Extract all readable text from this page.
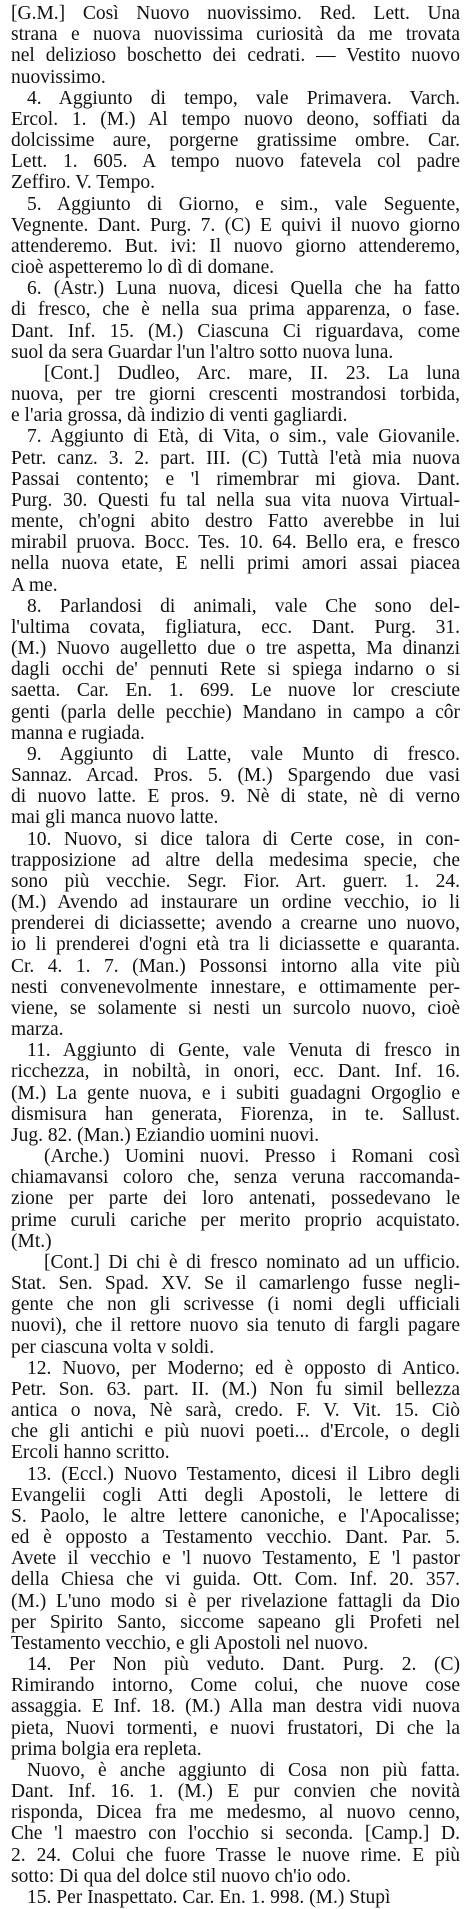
[G.M.] Così Nuovo nuovissimo. Red. Lett. Una
strana e nuova nuovissima curiosità da me trovata
nel delizioso boschetto dei cedrati. — Vestito nuovo
nuovissimo.
4. Aggiunto di tempo, vale Primavera. Varch.
Ercol. 1. (M.) Al tempo nuovo deono, soffiati da
dolcissime aure, porgerne gratissime ombre. Car.
Lett. 1. 605. A tempo nuovo fatevela col padre
Zeffiro. V. Tempo.
5. Aggiunto di Giorno, e sim., vale Seguente,
Vegnente. Dant. Purg. 7. (C) E quivi il nuovo giorno
attenderemo. But. ivi: Il nuovo giorno attenderemo,
cioè aspetteremo lo dì di domane.
6. (Astr.) Luna nuova, dicesi Quella che ha fatto
di fresco, che è nella sua prima apparenza, o fase.
Dant. Inf. 15. (M.) Ciascuna Ci riguardava, come
suol da sera Guardar l'un l'altro sotto nuova luna.
[Cont.] Dudleo, Arc. mare, II. 23. La luna
nuova, per tre giorni crescenti mostrandosi torbida,
e l'aria grossa, dà indizio di venti gagliardi.
7. Aggiunto di Età, di Vita, o sim., vale Giovanile.
Petr. canz. 3. 2. part. III. (C) Tuttà l'età mia nuova
Passai contento; e 'l rimembrar mi giova. Dant.
Purg. 30. Questi fu tal nella sua vita nuova Virtual-
mente, ch'ogni abito destro Fatto averebbe in lui
mirabil pruova. Bocc. Tes. 10. 64. Bello era, e fresco
nella nuova etate, E nelli primi amori assai piacea
A me.
8. Parlandosi di animali, vale Che sono del-
l'ultima covata, figliatura, ecc. Dant. Purg. 31.
(M.) Nuovo augelletto due o tre aspetta, Ma dinanzi
dagli occhi de' pennuti Rete si spiega indarno o si
saetta. Car. En. 1. 699. Le nuove lor cresciute
genti (parla delle pecchie) Mandano in campo a côr
manna e rugiada.
9. Aggiunto di Latte, vale Munto di fresco.
Sannaz. Arcad. Pros. 5. (M.) Spargendo due vasi
di nuovo latte. E pros. 9. Nè di state, nè di verno
mai gli manca nuovo latte.
10. Nuovo, si dice talora di Certe cose, in con-
trapposizione ad altre della medesima specie, che
sono più vecchie. Segr. Fior. Art. guerr. 1. 24.
(M.) Avendo ad instaurare un ordine vecchio, io li
prenderei di diciassette; avendo a crearne uno nuovo,
io li prenderei d'ogni età tra li diciassette e quaranta.
Cr. 4. 1. 7. (Man.) Possonsi intorno alla vite più
nesti convenevolmente innestare, e ottimamente per-
viene, se solamente si nesti un surcolo nuovo, cioè
marza.
11. Aggiunto di Gente, vale Venuta di fresco in
ricchezza, in nobiltà, in onori, ecc. Dant. Inf. 16.
(M.) La gente nuova, e i subiti guadagni Orgoglio e
dismisura han generata, Fiorenza, in te. Sallust.
Jug. 82. (Man.) Eziandio uomini nuovi.
(Arche.) Uomini nuovi. Presso i Romani così
chiamavansi coloro che, senza veruna raccomanda-
zione per parte dei loro antenati, possedevano le
prime curuli cariche per merito proprio acquistato.
(Mt.)
[Cont.] Di chi è di fresco nominato ad un ufficio.
Stat. Sen. Spad. XV. Se il camarlengo fusse negli-
gente che non gli scrivesse (i nomi degli ufficiali
nuovi), che il rettore nuovo sia tenuto di fargli pagare
per ciascuna volta v soldi.
12. Nuovo, per Moderno; ed è opposto di Antico.
Petr. Son. 63. part. II. (M.) Non fu simil bellezza
antica o nova, Nè sarà, credo. F. V. Vit. 15. Ciò
che gli antichi e più nuovi poeti... d'Ercole, o degli
Ercoli hanno scritto.
13. (Eccl.) Nuovo Testamento, dicesi il Libro degli
Evangelii cogli Atti degli Apostoli, le lettere di
S. Paolo, le altre lettere canoniche, e l'Apocalisse;
ed è opposto a Testamento vecchio. Dant. Par. 5.
Avete il vecchio e 'l nuovo Testamento, E 'l pastor
della Chiesa che vi guida. Ott. Com. Inf. 20. 357.
(M.) L'uno modo si è per rivelazione fattagli da Dio
per Spirito Santo, siccome sapeano gli Profeti nel
Testamento vecchio, e gli Apostoli nel nuovo.
14. Per Non più veduto. Dant. Purg. 2. (C)
Rimirando intorno, Come colui, che nuove cose
assaggia. E Inf. 18. (M.) Alla man destra vidi nuova
pieta, Nuovi tormenti, e nuovi frustatori, Di che la
prima bolgia era repleta.
Nuovo, è anche aggiunto di Cosa non più fatta.
Dant. Inf. 16. 1. (M.) E pur convien che novità
risponda, Dicea fra me medesmo, al nuovo cenno,
Che 'l maestro con l'occhio si seconda. [Camp.] D.
2. 24. Colui che fuore Trasse le nuove rime. E più
sotto: Di qua del dolce stil nuovo ch'io odo.
15. Per Inaspettato. Car. En. 1. 998. (M.) Stupì
